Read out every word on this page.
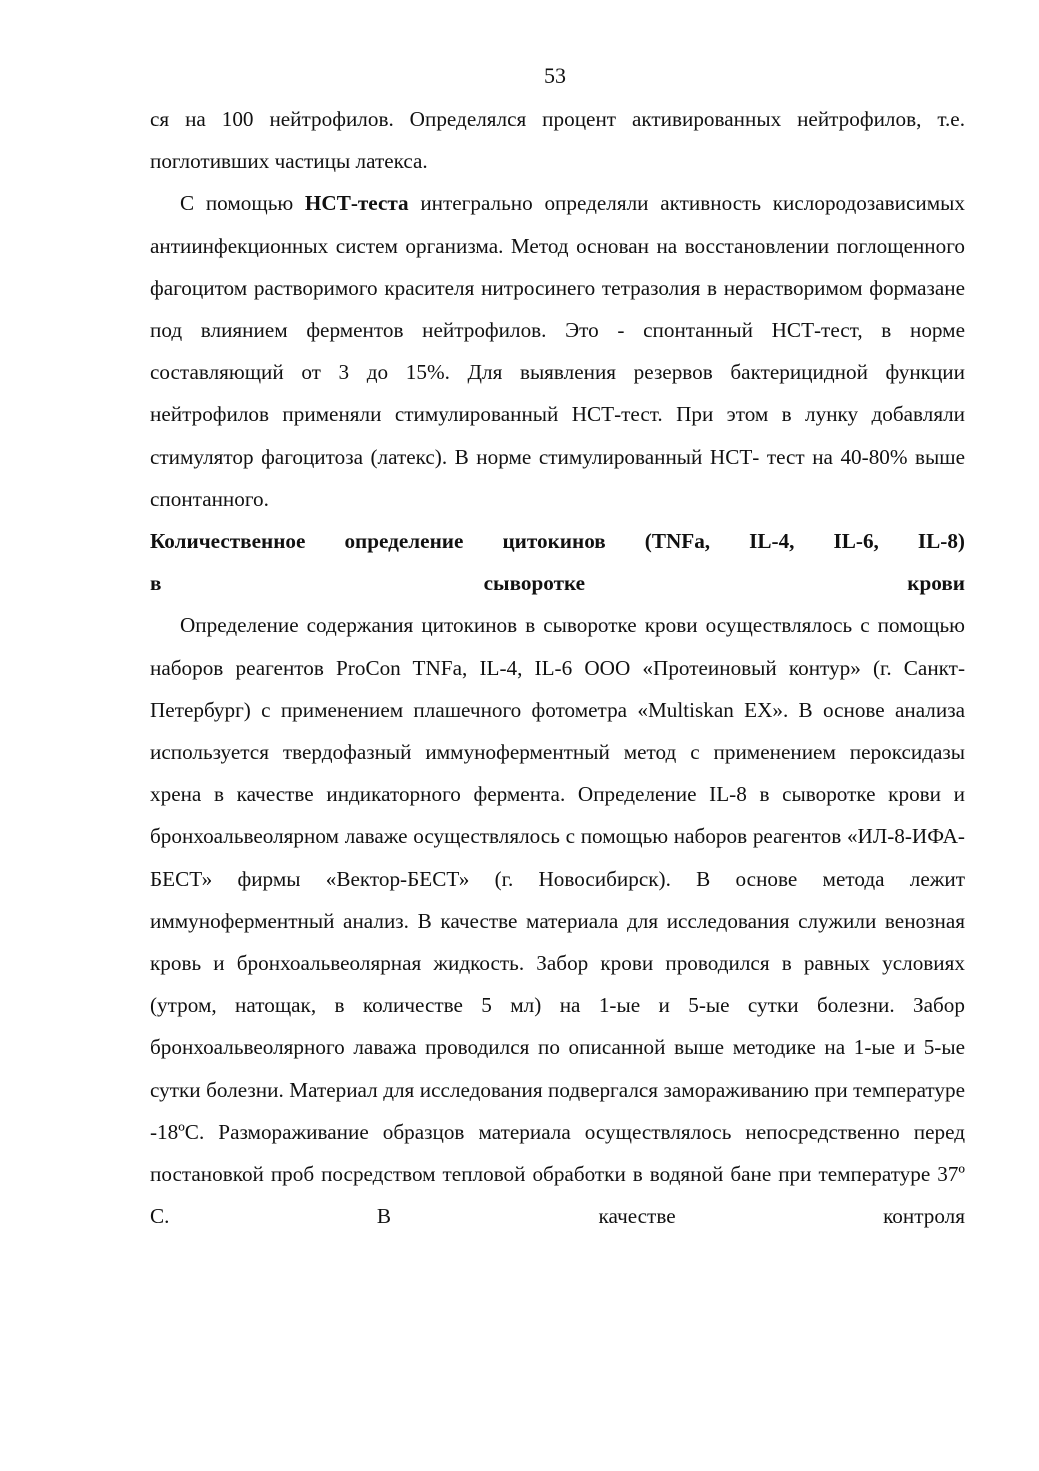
53

ся на 100 нейтрофилов. Определялся процент активированных нейтрофилов, т.е. поглотивших частицы латекса.

С помощью НСТ-теста интегрально определяли активность кислородозависимых антиинфекционных систем организма. Метод основан на восстановлении поглощенного фагоцитом растворимого красителя нитросинего тетразолия в нерастворимом формазане под влиянием ферментов нейтрофилов. Это - спонтанный НСТ-тест, в норме составляющий от 3 до 15%. Для выявления резервов бактерицидной функции нейтрофилов применяли стимулированный НСТ-тест. При этом в лунку добавляли стимулятор фагоцитоза (латекс). В норме стимулированный НСТ- тест на 40-80% выше спонтанного.

Количественное определение цитокинов (TNFa, IL-4, IL-6, IL-8)

в сыворотке крови

Определение содержания цитокинов в сыворотке крови осуществлялось с помощью наборов реагентов ProCon TNFa, IL-4, IL-6 ООО «Протеиновый контур» (г. Санкт-Петербург) с применением плашечного фотометра «Multiskan EX». В основе анализа используется твердофазный иммуноферментный метод с применением пероксидазы хрена в качестве индикаторного фермента. Определение IL-8 в сыворотке крови и бронхоальвеолярном лаваже осуществлялось с помощью наборов реагентов «ИЛ-8-ИФА-БЕСТ» фирмы «Вектор-БЕСТ» (г. Новосибирск). В основе метода лежит иммуноферментный анализ. В качестве материала для исследования служили венозная кровь и бронхоальвеолярная жидкость. Забор крови проводился в равных условиях (утром, натощак, в количестве 5 мл) на 1-ые и 5-ые сутки болезни. Забор бронхоальвеолярного лаважа проводился по описанной выше методике на 1-ые и 5-ые сутки болезни. Материал для исследования подвергался замораживанию при температуре -18ºС. Размораживание образцов материала осуществлялось непосредственно перед постановкой проб посредством тепловой обработки в водяной бане при температуре 37º С. В качестве контроля
